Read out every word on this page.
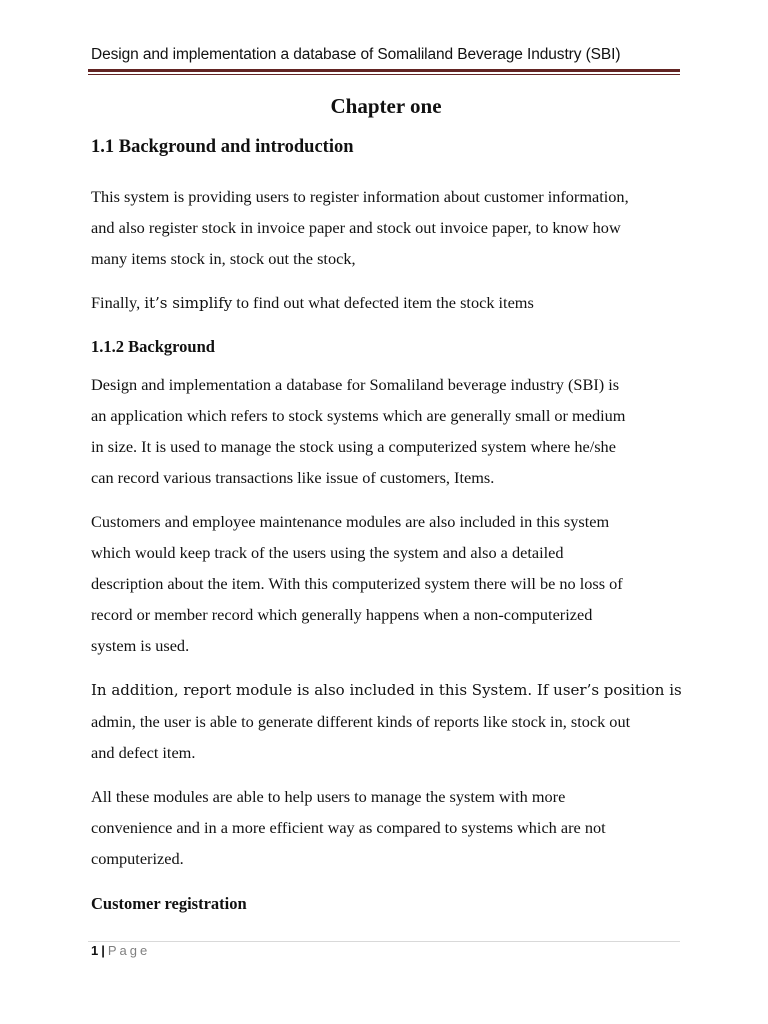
Design and implementation a database of Somaliland Beverage Industry (SBI)
Chapter one
1.1 Background and introduction

This system is providing users to register information about customer information,
and also register stock in invoice paper and stock out invoice paper, to know how
many items stock in, stock out the stock,

Finally, it’s simplify to find out what defected item the stock items

1.1.2 Background

Design and implementation a database for Somaliland beverage industry (SBI) is
an application which refers to stock systems which are generally small or medium
in size. It is used to manage the stock using a computerized system where he/she
can record various transactions like issue of customers, Items.

Customers and employee maintenance modules are also included in this system
which would keep track of the users using the system and also a detailed
description about the item. With this computerized system there will be no loss of
record or member record which generally happens when a non-computerized
system is used.

In addition, report module is also included in this System. If user’s position is
admin, the user is able to generate different kinds of reports like stock in, stock out
and defect item.

All these modules are able to help users to manage the system with more
convenience and in a more efficient way as compared to systems which are not
computerized.

Customer registration
1 | Page
